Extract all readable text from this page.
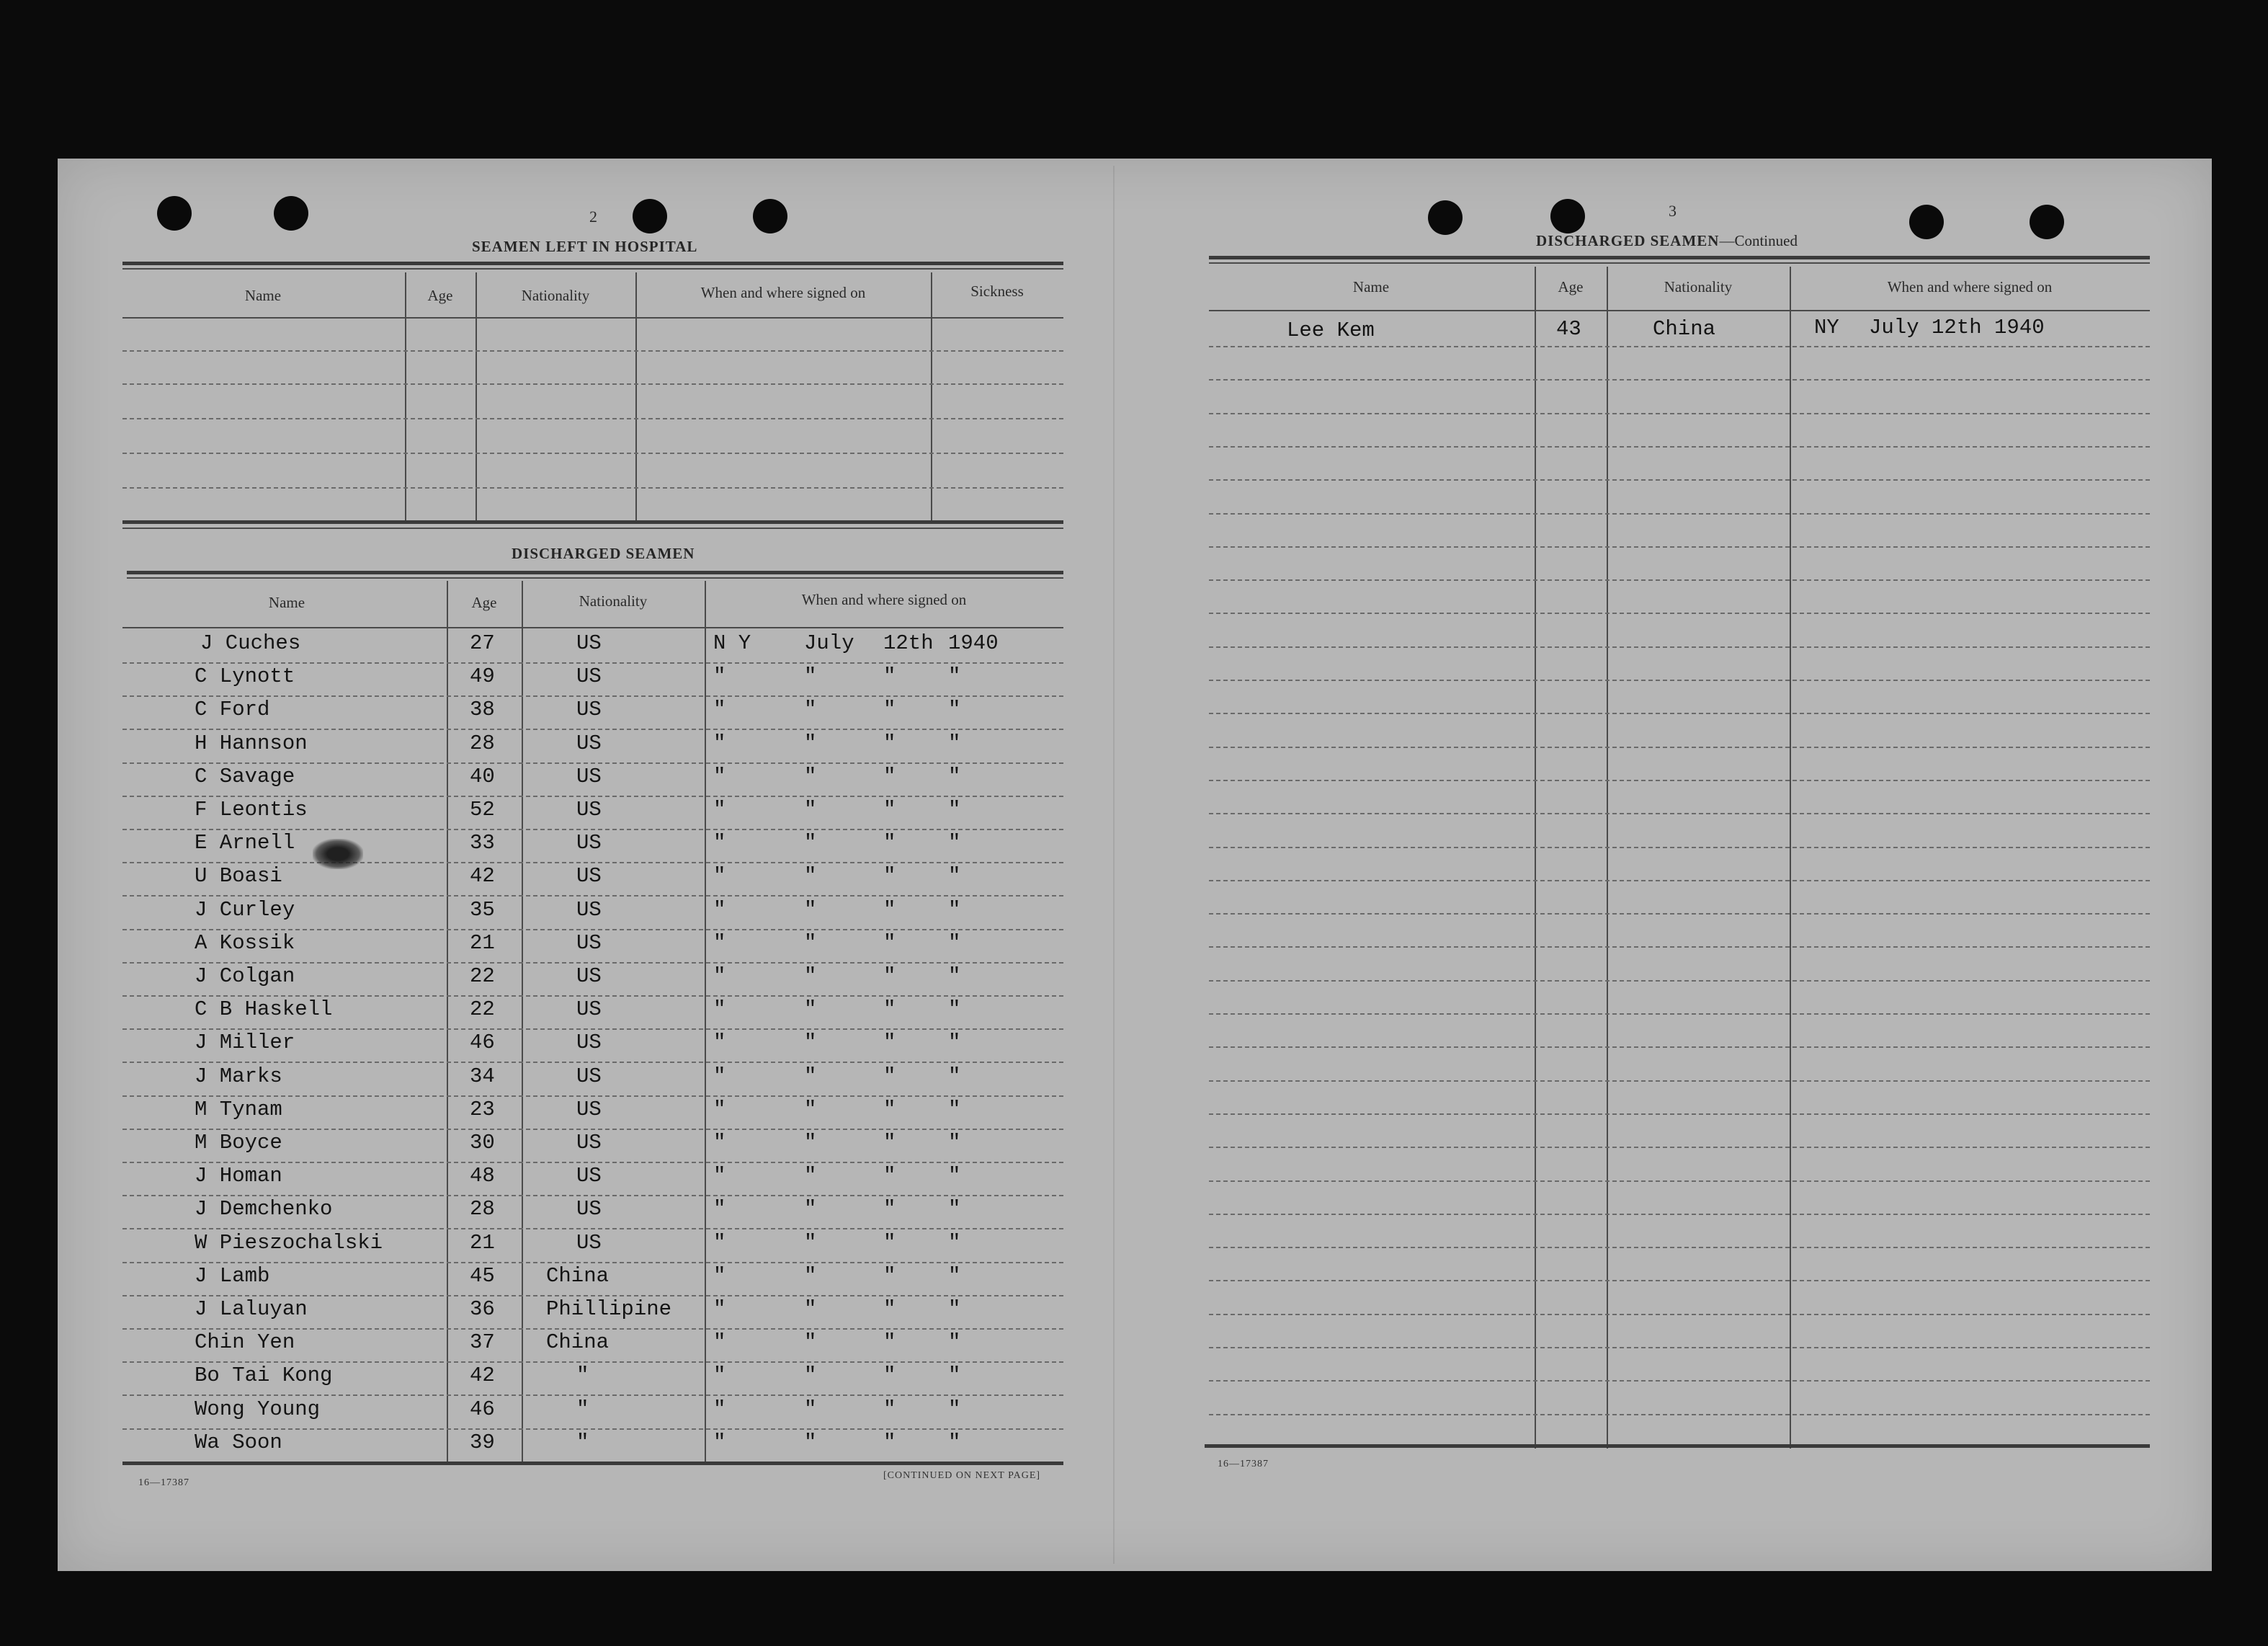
2
SEAMEN LEFT IN HOSPITAL
Name	Age	Nationality	When and where signed on	Sickness
DISCHARGED SEAMEN
Name	Age	Nationality	When and where signed on
J Cuches	27	US	N Y	July 12th 1940
C Lynott	49	US	"	"	"	"
C Ford	38	US	"	"	"	"
H Hannson	28	US	"	"	"	"
C Savage	40	US	"	"	"	"
F Leontis	52	US	"	"	"	"
E Arnell	33	US	"	"	"	"
U Boasi	42	US	"	"	"	"
J Curley	35	US	"	"	"	"
A Kossik	21	US	"	"	"	"
J Colgan	22	US	"	"	"	"
C B Haskell	22	US	"	"	"	"
J Miller	46	US	"	"	"	"
J Marks	34	US	"	"	"	"
M Tynam	23	US	"	"	"	"
M Boyce	30	US	"	"	"	"
J Homan	48	US	"	"	"	"
J Demchenko	28	US	"	"	"	"
W Pieszochalski	21	US	"	"	"	"
J Lamb	45 China	"	"	"	"
J Laluyan	36 Phillipine "	"	"	"
Chin Yen	37 China	"	"	"	"
Bo Tai Kong	42	"	"	"	"	"
Wong Young	46	"	"	"	"	"
Wa Soon	39	"	"	"	"	"
16—17387
[CONTINUED ON NEXT PAGE]
3
DISCHARGED SEAMEN—Continued
Name	Age	Nationality	When and where signed on
Lee Kem	43	China	NY July 12th 1940
16—17387
